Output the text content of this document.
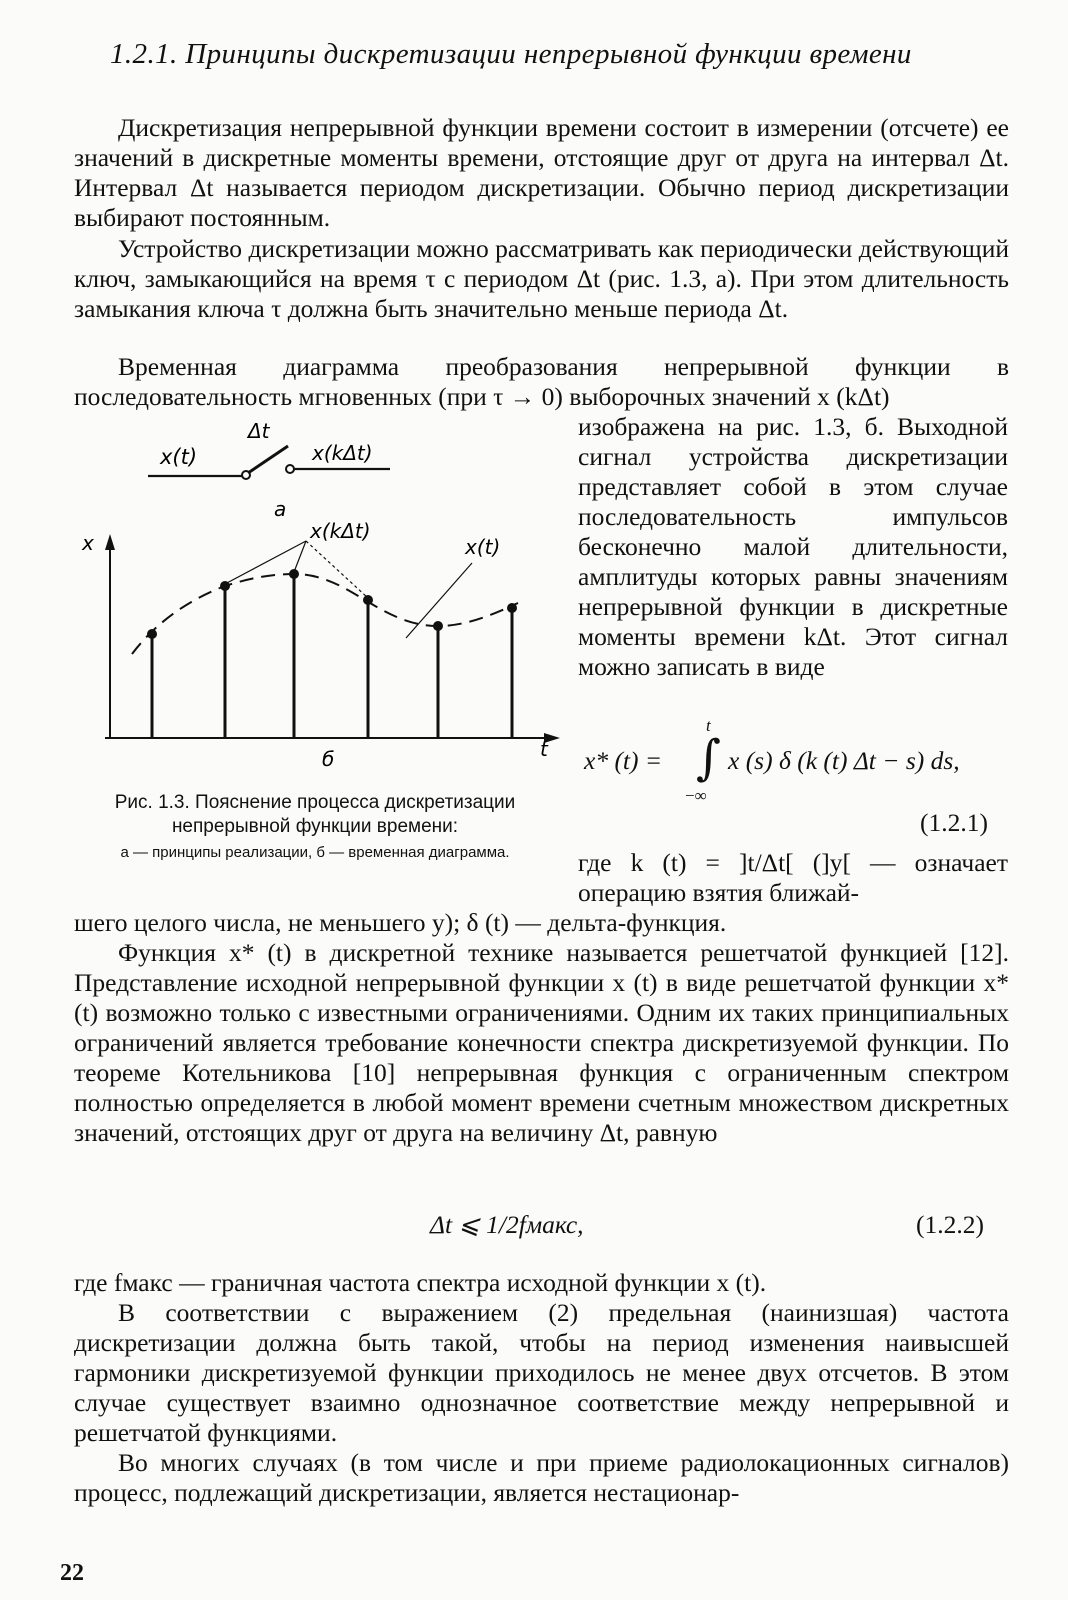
1.2.1. Принципы дискретизации непрерывной функции времени

Дискретизация непрерывной функции времени состоит в измерении (отсчете) ее значений в дискретные моменты времени, отстоящие друг от друга на интервал Δt. Интервал Δt называется периодом дискретизации. Обычно период дискретизации выбирают постоянным.

Устройство дискретизации можно рассматривать как периодически действующий ключ, замыкающийся на время τ с периодом Δt (рис. 1.3, а). При этом длительность замыкания ключа τ должна быть значительно меньше периода Δt.

Временная диаграмма преобразования непрерывной функции в последовательность мгновенных (при τ → 0) выборочных значений x (kΔt)

изображена на рис. 1.3, б. Выходной сигнал устройства дискретизации представляет собой в этом случае последовательность импульсов бесконечно малой длительности, амплитуды которых равны значениям непрерывной функции в дискретные моменты времени kΔt. Этот сигнал можно записать в виде

x(t)
Δt
x(kΔt)
а
x
t
x(kΔt)
x(t)
б
Рис. 1.3. Пояснение процесса дискретизации непрерывной функции времени:
а — принципы реализации, б — временная диаграмма.
x* (t) =
t
∫
−∞
x (s) δ (k (t) Δt − s) ds,
(1.2.1)

где k (t) = ]t/Δt[ (]y[ — означает операцию взятия ближай-

шего целого числа, не меньшего y); δ (t) — дельта-функция.

Функция x* (t) в дискретной технике называется решетчатой функцией [12]. Представление исходной непрерывной функции x (t) в виде решетчатой функции x* (t) возможно только с известными ограничениями. Одним их таких принципиальных ограничений является требование конечности спектра дискретизуемой функции. По теореме Котельникова [10] непрерывная функция с ограниченным спектром полностью определяется в любой момент времени счетным множеством дискретных значений, отстоящих друг от друга на величину Δt, равную

Δt ⩽ 1/2fмакс,	(1.2.2)

где fмакс — граничная частота спектра исходной функции x (t).

В соответствии с выражением (2) предельная (наинизшая) частота дискретизации должна быть такой, чтобы на период изменения наивысшей гармоники дискретизуемой функции приходилось не менее двух отсчетов. В этом случае существует взаимно однозначное соответствие между непрерывной и решетчатой функциями.

Во многих случаях (в том числе и при приеме радиолокационных сигналов) процесс, подлежащий дискретизации, является нестационар-

22
